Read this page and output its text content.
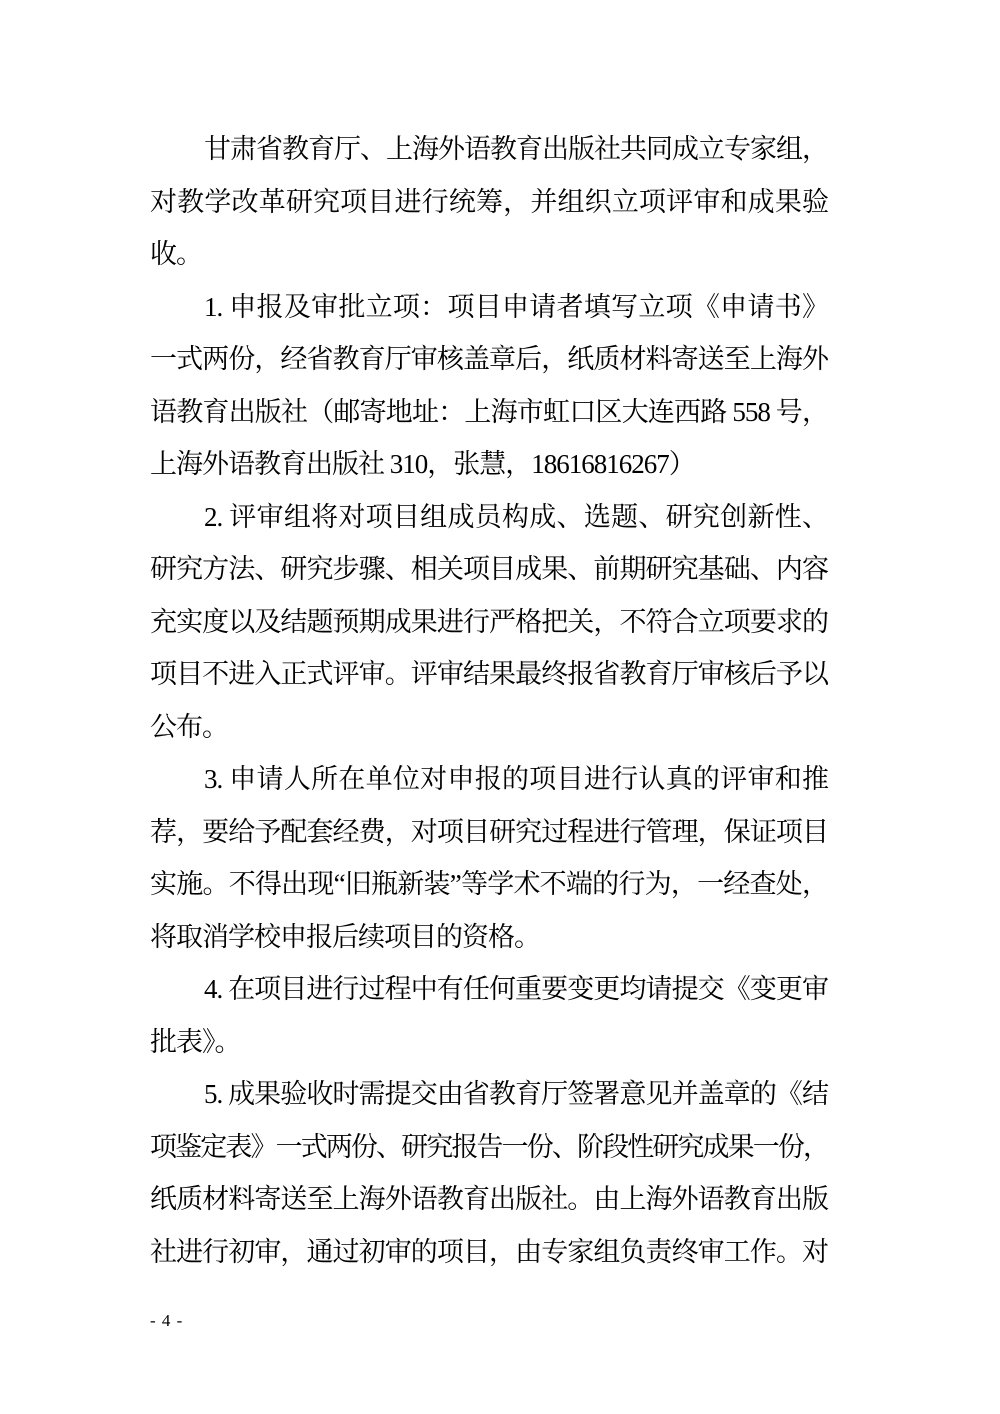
甘肃省教育厅、上海外语教育出版社共同成立专家组，
对教学改革研究项目进行统筹，并组织立项评审和成果验
收。
1. 申报及审批立项：项目申请者填写立项《申请书》
一式两份，经省教育厅审核盖章后，纸质材料寄送至上海外
语教育出版社（邮寄地址：上海市虹口区大连西路 558 号，
上海外语教育出版社 310，张慧，18616816267）
2. 评审组将对项目组成员构成、选题、研究创新性、
研究方法、研究步骤、相关项目成果、前期研究基础、内容
充实度以及结题预期成果进行严格把关，不符合立项要求的
项目不进入正式评审。评审结果最终报省教育厅审核后予以
公布。
3. 申请人所在单位对申报的项目进行认真的评审和推
荐，要给予配套经费，对项目研究过程进行管理，保证项目
实施。不得出现“旧瓶新装”等学术不端的行为，一经查处，
将取消学校申报后续项目的资格。
4. 在项目进行过程中有任何重要变更均请提交《变更审
批表》。
5. 成果验收时需提交由省教育厅签署意见并盖章的《结
项鉴定表》一式两份、研究报告一份、阶段性研究成果一份，
纸质材料寄送至上海外语教育出版社。由上海外语教育出版
社进行初审，通过初审的项目，由专家组负责终审工作。对
- 4 -
